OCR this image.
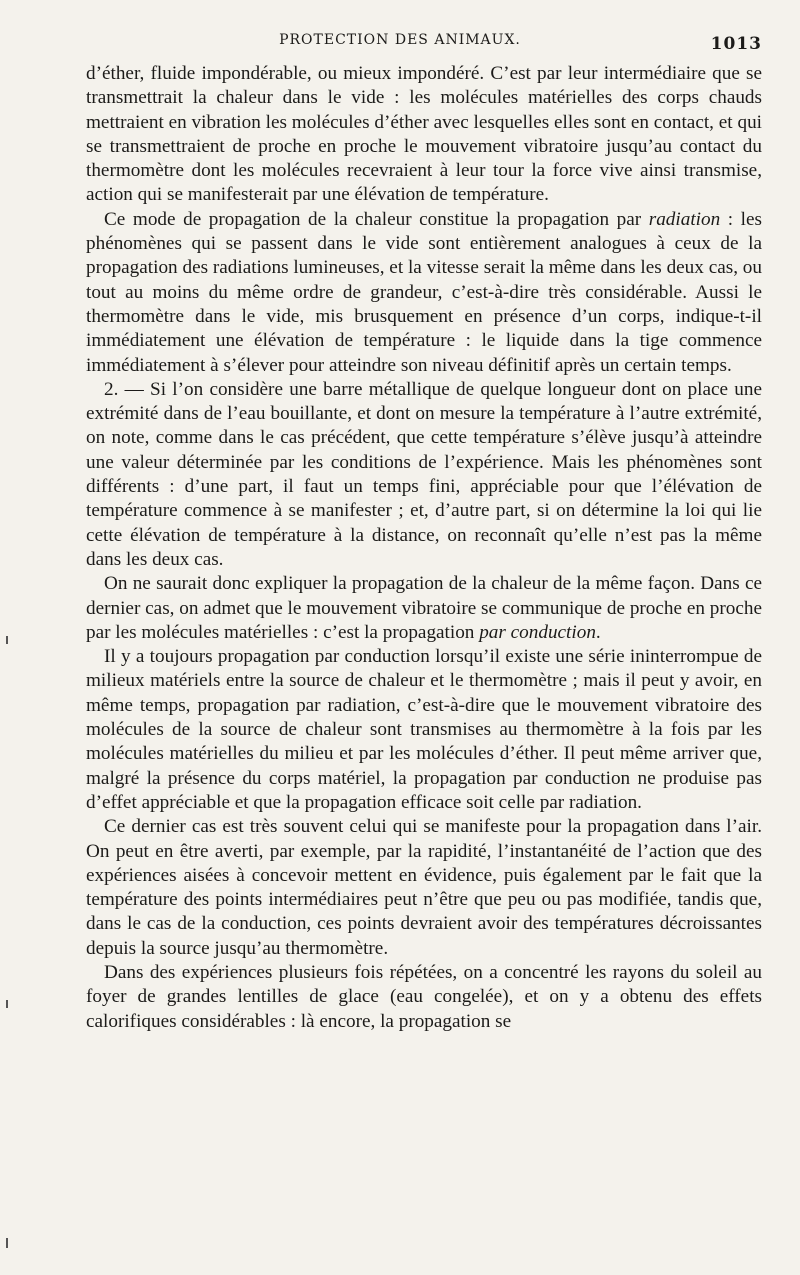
PROTECTION DES ANIMAUX.	1013

d’éther, fluide impondérable, ou mieux impondéré. C’est par leur intermédiaire que se transmettrait la chaleur dans le vide : les molécules matérielles des corps chauds mettraient en vibration les molécules d’éther avec lesquelles elles sont en contact, et qui se transmettraient de proche en proche le mouvement vibratoire jusqu’au contact du thermomètre dont les molécules recevraient à leur tour la force vive ainsi transmise, action qui se manifesterait par une élévation de température.

Ce mode de propagation de la chaleur constitue la propagation par radiation : les phénomènes qui se passent dans le vide sont entièrement analogues à ceux de la propagation des radiations lumineuses, et la vitesse serait la même dans les deux cas, ou tout au moins du même ordre de grandeur, c’est-à-dire très considérable. Aussi le thermomètre dans le vide, mis brusquement en présence d’un corps, indique-t-il immédiatement une élévation de température : le liquide dans la tige commence immédiatement à s’élever pour atteindre son niveau définitif après un certain temps.

2. — Si l’on considère une barre métallique de quelque longueur dont on place une extrémité dans de l’eau bouillante, et dont on mesure la température à l’autre extrémité, on note, comme dans le cas précédent, que cette température s’élève jusqu’à atteindre une valeur déterminée par les conditions de l’expérience. Mais les phénomènes sont différents : d’une part, il faut un temps fini, appréciable pour que l’élévation de température commence à se manifester ; et, d’autre part, si on détermine la loi qui lie cette élévation de température à la distance, on reconnaît qu’elle n’est pas la même dans les deux cas.

On ne saurait donc expliquer la propagation de la chaleur de la même façon. Dans ce dernier cas, on admet que le mouvement vibratoire se communique de proche en proche par les molécules matérielles : c’est la propagation par conduction.

Il y a toujours propagation par conduction lorsqu’il existe une série ininterrompue de milieux matériels entre la source de chaleur et le thermomètre ; mais il peut y avoir, en même temps, propagation par radiation, c’est-à-dire que le mouvement vibratoire des molécules de la source de chaleur sont transmises au thermomètre à la fois par les molécules matérielles du milieu et par les molécules d’éther. Il peut même arriver que, malgré la présence du corps matériel, la propagation par conduction ne produise pas d’effet appréciable et que la propagation efficace soit celle par radiation.

Ce dernier cas est très souvent celui qui se manifeste pour la propagation dans l’air. On peut en être averti, par exemple, par la rapidité, l’instantanéité de l’action que des expériences aisées à concevoir mettent en évidence, puis également par le fait que la température des points intermédiaires peut n’être que peu ou pas modifiée, tandis que, dans le cas de la conduction, ces points devraient avoir des températures décroissantes depuis la source jusqu’au thermomètre.

Dans des expériences plusieurs fois répétées, on a concentré les rayons du soleil au foyer de grandes lentilles de glace (eau congelée), et on y a obtenu des effets calorifiques considérables : là encore, la propagation se
